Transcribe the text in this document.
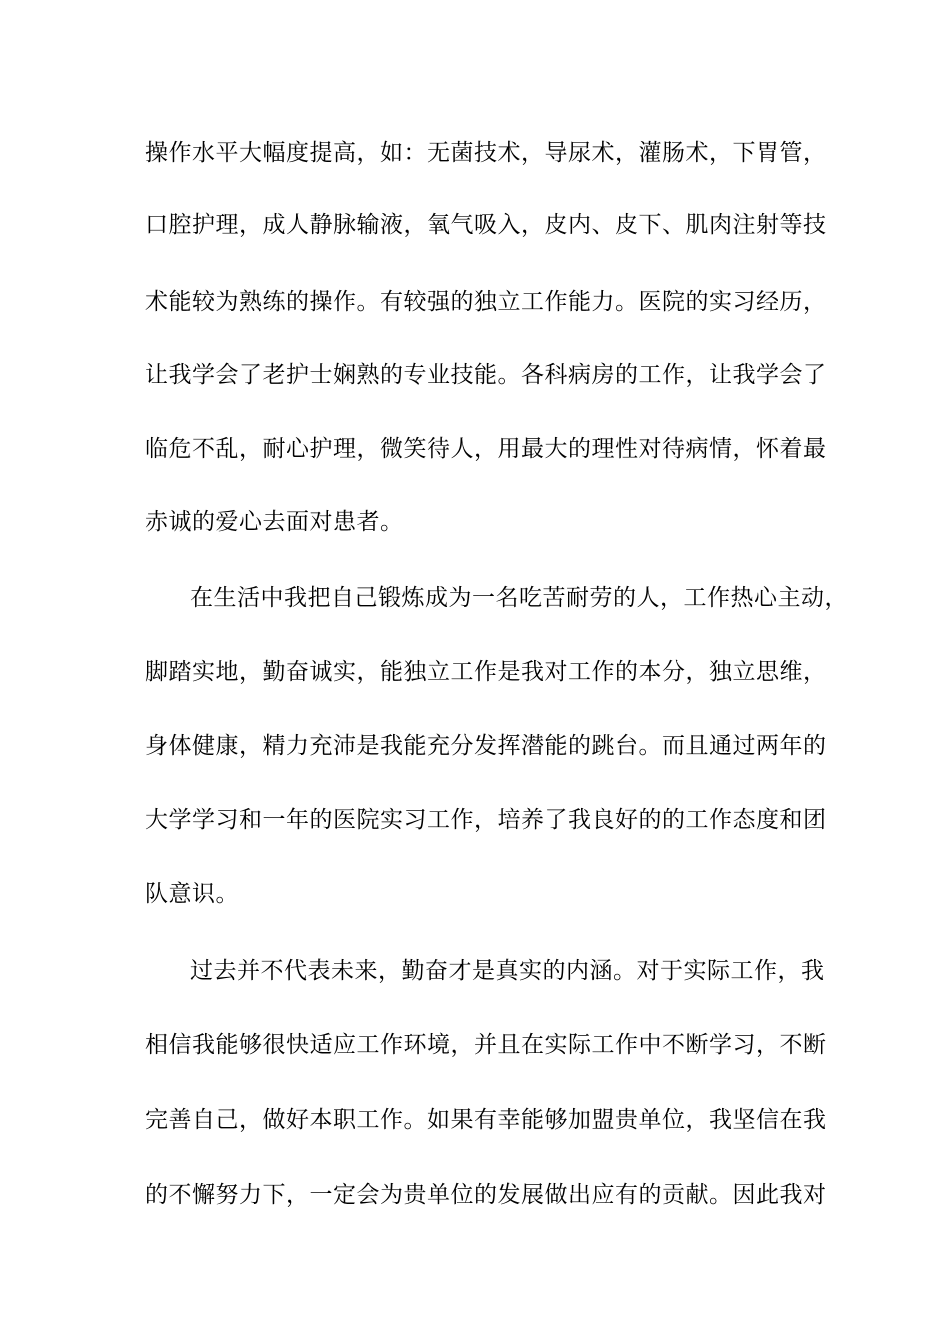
操作水平大幅度提高，如：无菌技术，导尿术，灌肠术，下胃管，
口腔护理，成人静脉输液，氧气吸入，皮内、皮下、肌肉注射等技
术能较为熟练的操作。有较强的独立工作能力。医院的实习经历，
让我学会了老护士娴熟的专业技能。各科病房的工作，让我学会了
临危不乱，耐心护理，微笑待人，用最大的理性对待病情，怀着最
赤诚的爱心去面对患者。
在生活中我把自己锻炼成为一名吃苦耐劳的人，工作热心主动，
脚踏实地，勤奋诚实，能独立工作是我对工作的本分，独立思维，
身体健康，精力充沛是我能充分发挥潜能的跳台。而且通过两年的
大学学习和一年的医院实习工作，培养了我良好的的工作态度和团
队意识。
过去并不代表未来，勤奋才是真实的内涵。对于实际工作，我
相信我能够很快适应工作环境，并且在实际工作中不断学习，不断
完善自己，做好本职工作。如果有幸能够加盟贵单位，我坚信在我
的不懈努力下，一定会为贵单位的发展做出应有的贡献。因此我对
